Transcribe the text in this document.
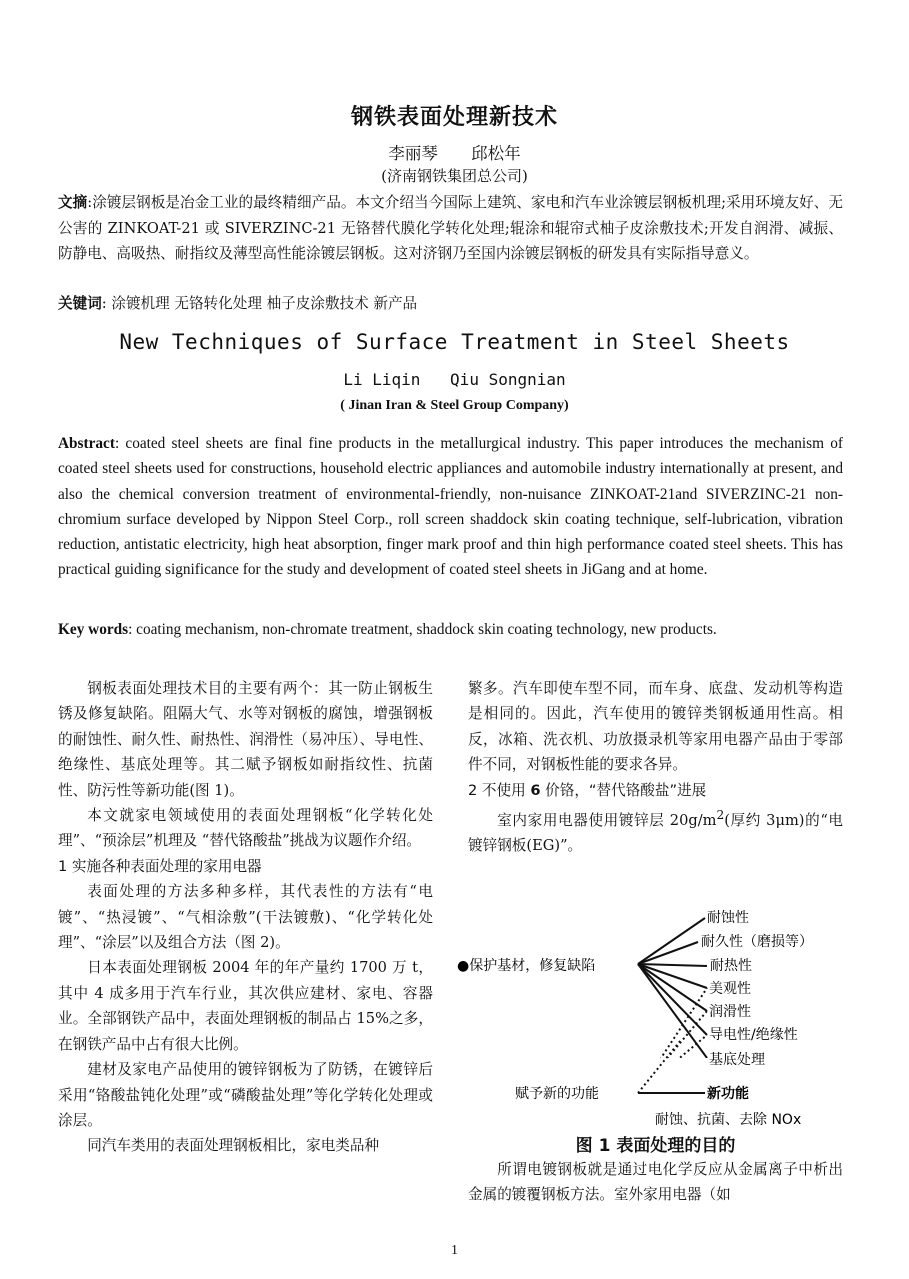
钢铁表面处理新技术
李丽琴 邱松年
(济南钢铁集团总公司)
文摘:涂镀层钢板是冶金工业的最终精细产品。本文介绍当今国际上建筑、家电和汽车业涂镀层钢板机理;采用环境友好、无公害的 ZINKOAT-21 或 SIVERZINC-21 无铬替代膜化学转化处理;辊涂和辊帘式柚子皮涂敷技术;开发自润滑、减振、防静电、高吸热、耐指纹及薄型高性能涂镀层钢板。这对济钢乃至国内涂镀层钢板的研发具有实际指导意义。
关键词: 涂镀机理 无铬转化处理 柚子皮涂敷技术 新产品
New Techniques of Surface Treatment in Steel Sheets
Li Liqin Qiu Songnian
( Jinan Iran & Steel Group Company)
Abstract: coated steel sheets are final fine products in the metallurgical industry. This paper introduces the mechanism of coated steel sheets used for constructions, household electric appliances and automobile industry internationally at present, and also the chemical conversion treatment of environmental-friendly, non-nuisance ZINKOAT-21and SIVERZINC-21 non-chromium surface developed by Nippon Steel Corp., roll screen shaddock skin coating technique, self-lubrication, vibration reduction, antistatic electricity, high heat absorption, finger mark proof and thin high performance coated steel sheets. This has practical guiding significance for the study and development of coated steel sheets in JiGang and at home.
Key words: coating mechanism, non-chromate treatment, shaddock skin coating technology, new products.

钢板表面处理技术目的主要有两个：其一防止钢板生锈及修复缺陷。阻隔大气、水等对钢板的腐蚀，增强钢板的耐蚀性、耐久性、耐热性、润滑性（易冲压）、导电性、绝缘性、基底处理等。其二赋予钢板如耐指纹性、抗菌性、防污性等新功能(图 1)。

本文就家电领域使用的表面处理钢板“化学转化处理”、“预涂层”机理及 “替代铬酸盐”挑战为议题作介绍。

1 实施各种表面处理的家用电器

表面处理的方法多种多样，其代表性的方法有“电镀”、“热浸镀”、“气相涂敷”(干法镀敷)、“化学转化处理”、“涂层”以及组合方法（图 2)。

日本表面处理钢板 2004 年的年产量约 1700 万 t，其中 4 成多用于汽车行业，其次供应建材、家电、容器业。全部钢铁产品中，表面处理钢板的制品占 15%之多，在钢铁产品中占有很大比例。

建材及家电产品使用的镀锌钢板为了防锈，在镀锌后采用“铬酸盐钝化处理”或“磷酸盐处理”等化学转化处理或涂层。

同汽车类用的表面处理钢板相比，家电类品种

繁多。汽车即使车型不同，而车身、底盘、发动机等构造是相同的。因此，汽车使用的镀锌类钢板通用性高。相反，冰箱、洗衣机、功放摄录机等家用电器产品由于零部件不同，对钢板性能的要求各异。

2 不使用 6 价铬，“替代铬酸盐”进展

室内家用电器使用镀锌层 $20g/m^2$(厚约 3μm)的“电镀锌钢板(EG)”。

●保护基材，修复缺陷
耐蚀性
耐久性（磨损等）
耐热性
美观性
润滑性
导电性/绝缘性
基底处理
赋予新的功能	新功能
耐蚀、抗菌、去除 NOx
图 1 表面处理的目的

所谓电镀钢板就是通过电化学反应从金属离子中析出金属的镀覆钢板方法。室外家用电器（如

1
